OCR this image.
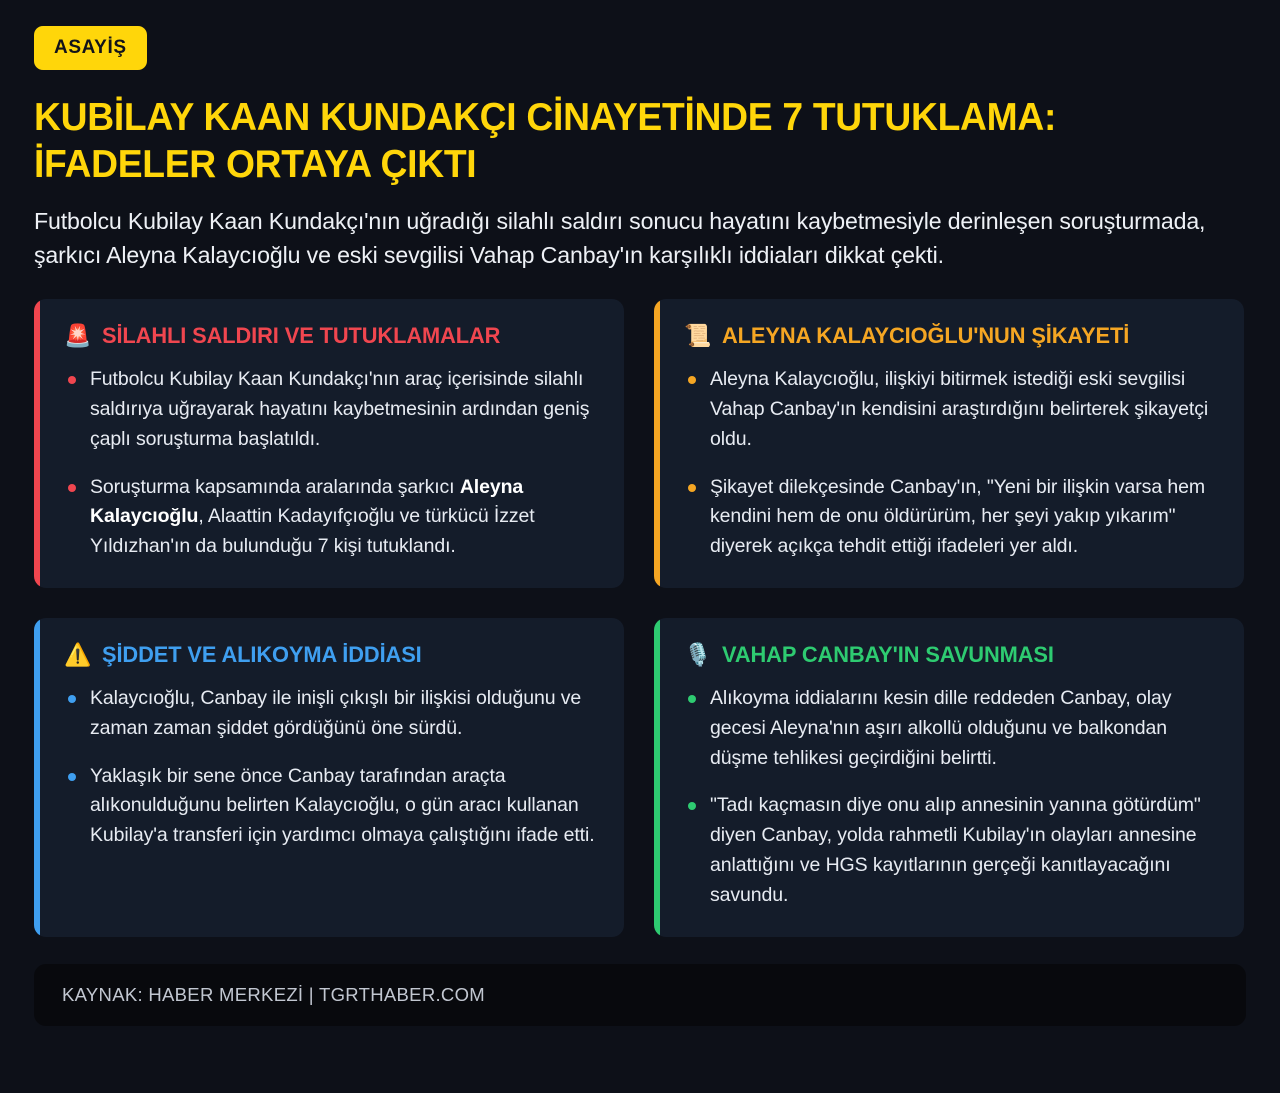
ASAYİŞ
KUBİLAY KAAN KUNDAKÇI CİNAYETİNDE 7 TUTUKLAMA: İFADELER ORTAYA ÇIKTI

Futbolcu Kubilay Kaan Kundakçı'nın uğradığı silahlı saldırı sonucu hayatını kaybetmesiyle derinleşen soruşturmada, şarkıcı Aleyna Kalaycıoğlu ve eski sevgilisi Vahap Canbay'ın karşılıklı iddiaları dikkat çekti.

🚨 SİLAHLI SALDIRI VE TUTUKLAMALAR
Futbolcu Kubilay Kaan Kundakçı'nın araç içerisinde silahlı saldırıya uğrayarak hayatını kaybetmesinin ardından geniş çaplı soruşturma başlatıldı.
Soruşturma kapsamında aralarında şarkıcı Aleyna Kalaycıoğlu, Alaattin Kadayıfçıoğlu ve türkücü İzzet Yıldızhan'ın da bulunduğu 7 kişi tutuklandı.
📜 ALEYNA KALAYCIOĞLU'NUN ŞİKAYETİ
Aleyna Kalaycıoğlu, ilişkiyi bitirmek istediği eski sevgilisi Vahap Canbay'ın kendisini araştırdığını belirterek şikayetçi oldu.
Şikayet dilekçesinde Canbay'ın, "Yeni bir ilişkin varsa hem kendini hem de onu öldürürüm, her şeyi yakıp yıkarım" diyerek açıkça tehdit ettiği ifadeleri yer aldı.
⚠️ ŞİDDET VE ALIKOYMA İDDİASI
Kalaycıoğlu, Canbay ile inişli çıkışlı bir ilişkisi olduğunu ve zaman zaman şiddet gördüğünü öne sürdü.
Yaklaşık bir sene önce Canbay tarafından araçta alıkonulduğunu belirten Kalaycıoğlu, o gün aracı kullanan Kubilay'a transferi için yardımcı olmaya çalıştığını ifade etti.
🎙️ VAHAP CANBAY'IN SAVUNMASI
Alıkoyma iddialarını kesin dille reddeden Canbay, olay gecesi Aleyna'nın aşırı alkollü olduğunu ve balkondan düşme tehlikesi geçirdiğini belirtti.
"Tadı kaçmasın diye onu alıp annesinin yanına götürdüm" diyen Canbay, yolda rahmetli Kubilay'ın olayları annesine anlattığını ve HGS kayıtlarının gerçeği kanıtlayacağını savundu.
KAYNAK: HABER MERKEZİ | TGRTHABER.COM
